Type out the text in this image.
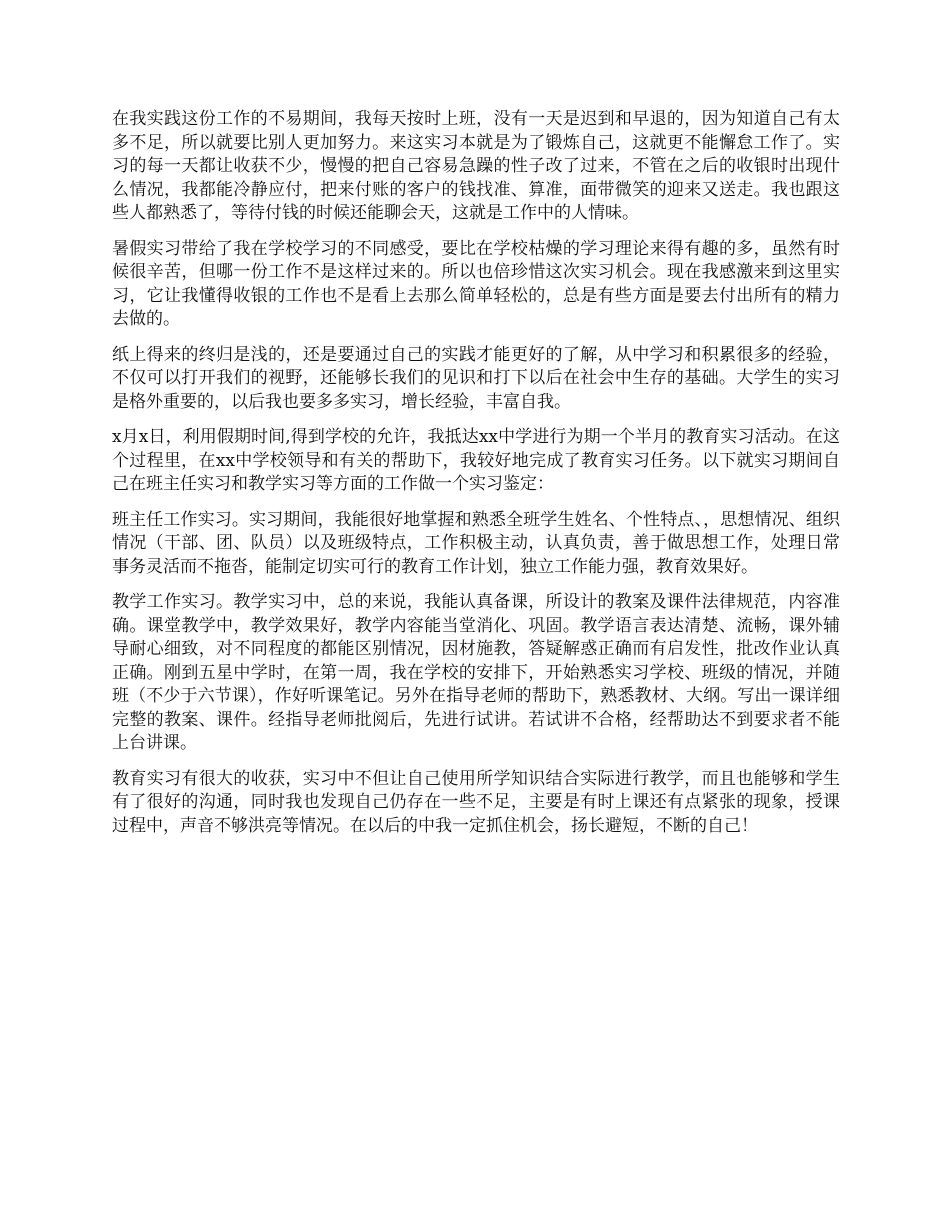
在我实践这份工作的不易期间，我每天按时上班，没有一天是迟到和早退的，因为知道自己有太多不足，所以就要比别人更加努力。来这实习本就是为了锻炼自己，这就更不能懈怠工作了。实习的每一天都让收获不少，慢慢的把自己容易急躁的性子改了过来，不管在之后的收银时出现什么情况，我都能冷静应付，把来付账的客户的钱找准、算准，面带微笑的迎来又送走。我也跟这些人都熟悉了，等待付钱的时候还能聊会天，这就是工作中的人情味。

暑假实习带给了我在学校学习的不同感受，要比在学校枯燥的学习理论来得有趣的多，虽然有时候很辛苦，但哪一份工作不是这样过来的。所以也倍珍惜这次实习机会。现在我感激来到这里实习，它让我懂得收银的工作也不是看上去那么简单轻松的，总是有些方面是要去付出所有的精力去做的。

纸上得来的终归是浅的，还是要通过自己的实践才能更好的了解，从中学习和积累很多的经验，不仅可以打开我们的视野，还能够长我们的见识和打下以后在社会中生存的基础。大学生的实习是格外重要的，以后我也要多多实习，增长经验，丰富自我。

x月x日，利用假期时间,得到学校的允许，我抵达xx中学进行为期一个半月的教育实习活动。在这个过程里，在xx中学校领导和有关的帮助下，我较好地完成了教育实习任务。以下就实习期间自己在班主任实习和教学实习等方面的工作做一个实习鉴定：

班主任工作实习。实习期间，我能很好地掌握和熟悉全班学生姓名、个性特点、，思想情况、组织情况（干部、团、队员）以及班级特点，工作积极主动，认真负责，善于做思想工作，处理日常事务灵活而不拖沓，能制定切实可行的教育工作计划，独立工作能力强，教育效果好。

教学工作实习。教学实习中，总的来说，我能认真备课，所设计的教案及课件法律规范，内容准确。课堂教学中，教学效果好，教学内容能当堂消化、巩固。教学语言表达清楚、流畅，课外辅导耐心细致，对不同程度的都能区别情况，因材施教，答疑解惑正确而有启发性，批改作业认真正确。刚到五星中学时，在第一周，我在学校的安排下，开始熟悉实习学校、班级的情况，并随班（不少于六节课），作好听课笔记。另外在指导老师的帮助下，熟悉教材、大纲。写出一课详细完整的教案、课件。经指导老师批阅后，先进行试讲。若试讲不合格，经帮助达不到要求者不能上台讲课。

教育实习有很大的收获，实习中不但让自己使用所学知识结合实际进行教学，而且也能够和学生有了很好的沟通，同时我也发现自己仍存在一些不足，主要是有时上课还有点紧张的现象，授课过程中，声音不够洪亮等情况。在以后的中我一定抓住机会，扬长避短，不断的自己！
